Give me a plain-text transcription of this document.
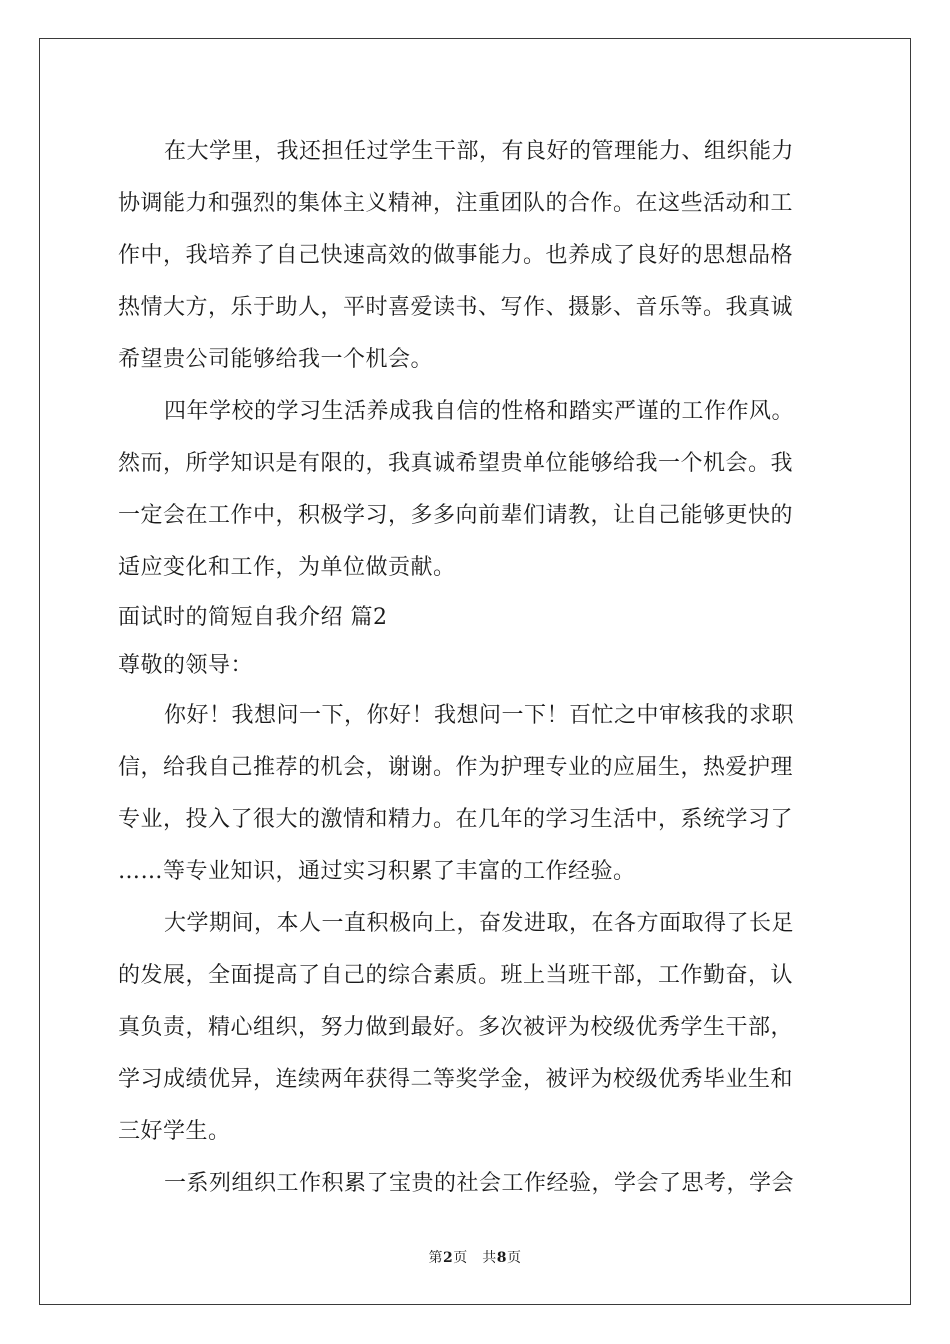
在大学里，我还担任过学生干部，有良好的管理能力、组织能力
协调能力和强烈的集体主义精神，注重团队的合作。在这些活动和工
作中，我培养了自己快速高效的做事能力。也养成了良好的思想品格
热情大方，乐于助人，平时喜爱读书、写作、摄影、音乐等。我真诚
希望贵公司能够给我一个机会。
四年学校的学习生活养成我自信的性格和踏实严谨的工作作风。
然而，所学知识是有限的，我真诚希望贵单位能够给我一个机会。我
一定会在工作中，积极学习，多多向前辈们请教，让自己能够更快的
适应变化和工作，为单位做贡献。
面试时的简短自我介绍 篇2
尊敬的领导：
你好！我想问一下，你好！我想问一下！百忙之中审核我的求职
信，给我自己推荐的机会，谢谢。作为护理专业的应届生，热爱护理
专业，投入了很大的激情和精力。在几年的学习生活中，系统学习了
……等专业知识，通过实习积累了丰富的工作经验。
大学期间，本人一直积极向上，奋发进取，在各方面取得了长足
的发展，全面提高了自己的综合素质。班上当班干部，工作勤奋，认
真负责，精心组织，努力做到最好。多次被评为校级优秀学生干部，
学习成绩优异，连续两年获得二等奖学金，被评为校级优秀毕业生和
三好学生。
一系列组织工作积累了宝贵的社会工作经验，学会了思考，学会
第2页　共8页
